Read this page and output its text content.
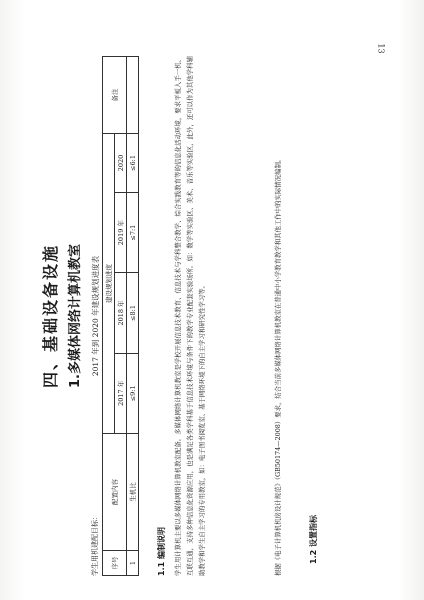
13
四、基础设备设施 1.多媒体网络计算机教室
学生用机建配目标：
2017 年到 2020 年建设规划进度表
序号	配置内容	建设规划进度				备注
		2017 年	2018 年	2019 年	2020	
1	生机比	≤9:1	≤8:1	≤7:1	≤6:1	
1.1 编制说明	学生用计算机主要以多媒体网络计算机教室配备。多媒体网络计算机教室是学校开展信息技术教育、信息技术与学科整合教学、综合实践教育等的信息化活动环境，要求平板入手一机、互联互通，支持多种信息化资源应用，也是满足各类学科基于信息技术环境与条件下的教学专业配套实验场所。如：数学等实验区、美术、音乐等实验区，此外，还可以作为其他学科辅助教学和学生自主学习的专用教室，如：电子图书阅览室、基于网络环境下的自主学习和研究性学习等。	根据《电子计算机机房设计规范》（GB50174—2008）要求，结合当前多媒体网络计算机教室在普通中小学教育教学和其他工作中的实际情况编制。	1.2 设置指标
